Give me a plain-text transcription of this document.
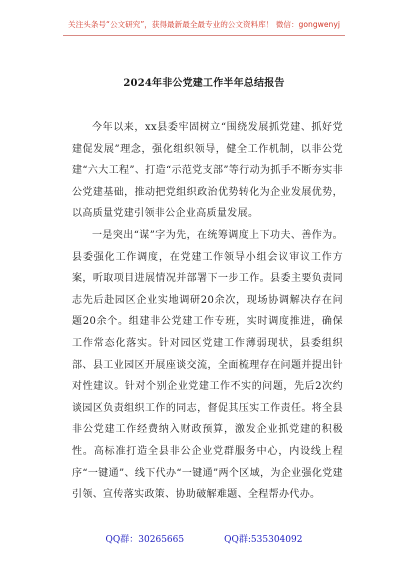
关注头条号“公文研究”，获得最新最全最专业的公文资料库！ 微信：gongwenyj
2024年非公党建工作半年总结报告

今年以来，xx县委牢固树立“围绕发展抓党建、抓好党建促发展”理念，强化组织领导，健全工作机制，以非公党建“六大工程”、打造“示范党支部”等行动为抓手不断夯实非公党建基础，推动把党组织政治优势转化为企业发展优势，以高质量党建引领非公企业高质量发展。

一是突出“谋”字为先，在统筹调度上下功夫、善作为。县委强化工作调度，在党建工作领导小组会议审议工作方案，听取项目进展情况并部署下一步工作。县委主要负责同志先后赴园区企业实地调研20余次，现场协调解决存在问题20余个。组建非公党建工作专班，实时调度推进，确保工作常态化落实。针对园区党建工作薄弱现状，县委组织部、县工业园区开展座谈交流，全面梳理存在问题并提出针对性建议。针对个别企业党建工作不实的问题，先后2次约谈园区负责组织工作的同志，督促其压实工作责任。将全县非公党建工作经费纳入财政预算，激发企业抓党建的积极性。高标准打造全县非公企业党群服务中心，内设线上程序“一键通”、线下代办“一键通”两个区域，为企业强化党建引领、宣传落实政策、协助破解难题、全程帮办代办。

QQ群：30265665	QQ群:535304092
